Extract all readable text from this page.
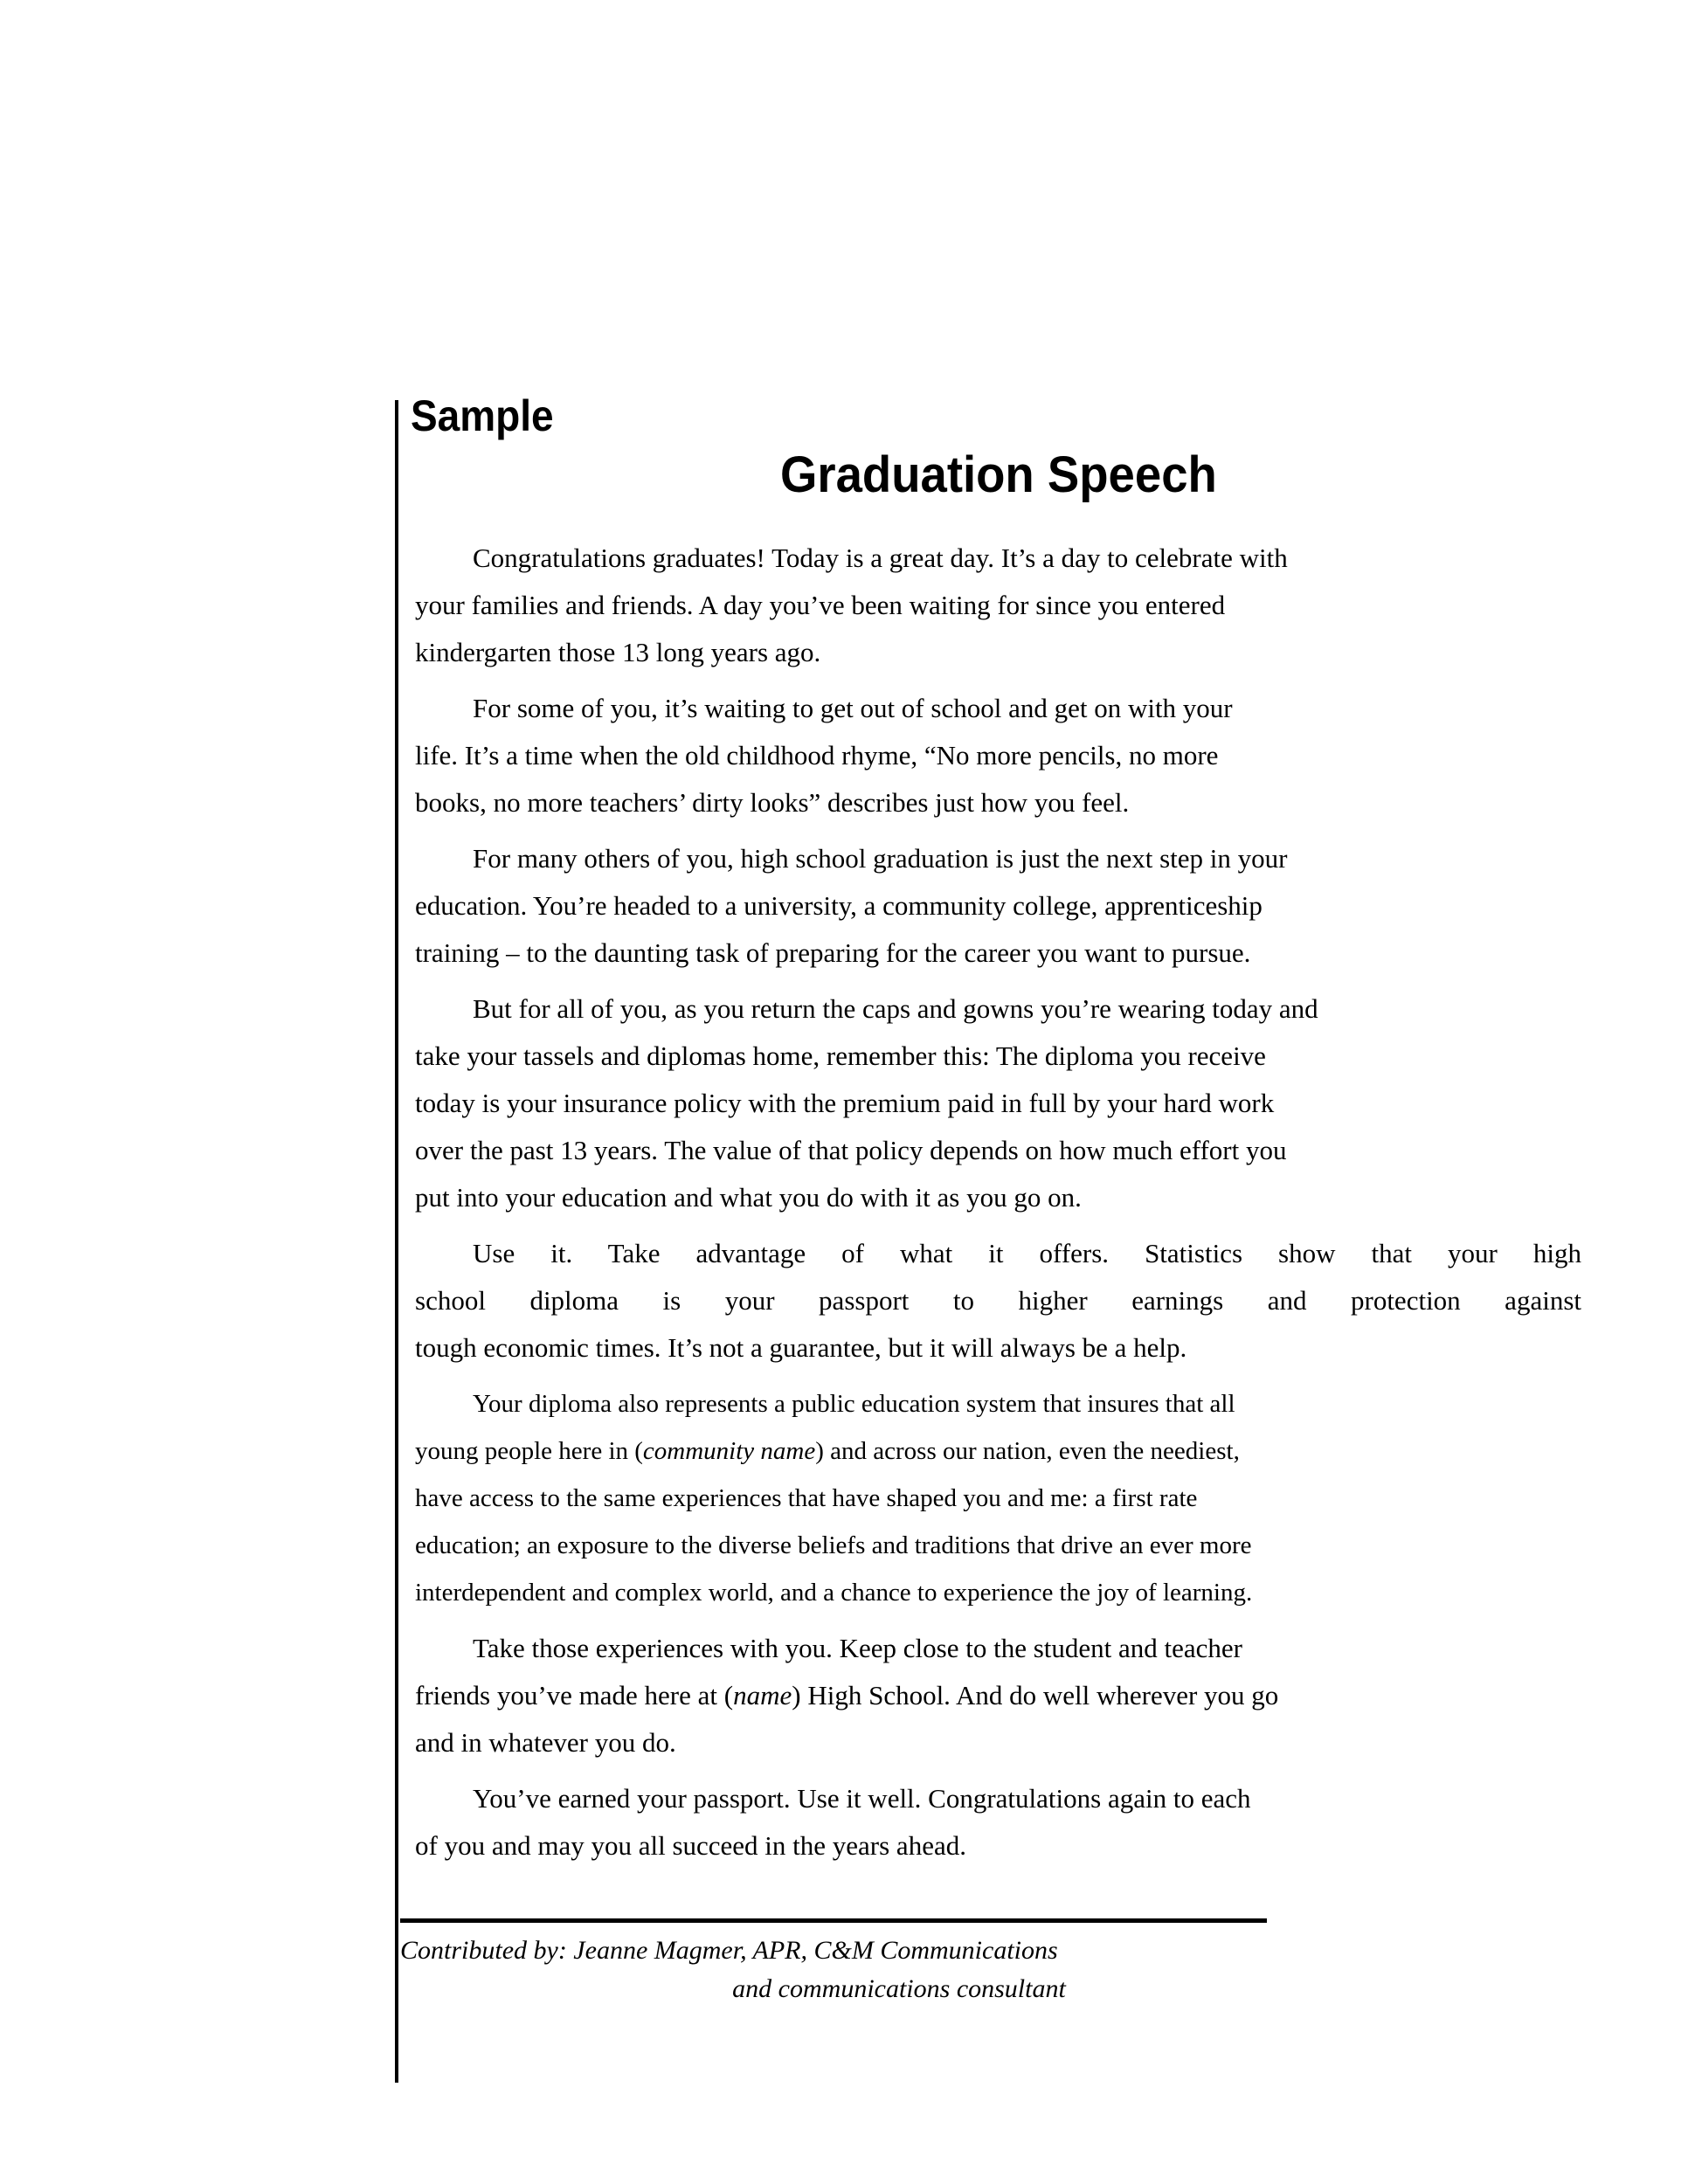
Sample
Graduation Speech
Congratulations graduates! Today is a great day. It’s a day to celebrate with
your families and friends. A day you’ve been waiting for since you entered
kindergarten those 13 long years ago.
For some of you, it’s waiting to get out of school and get on with your
life. It’s a time when the old childhood rhyme, “No more pencils, no more
books, no more teachers’ dirty looks” describes just how you feel.
For many others of you, high school graduation is just the next step in your
education. You’re headed to a university, a community college, apprenticeship
training – to the daunting task of preparing for the career you want to pursue.
But for all of you, as you return the caps and gowns you’re wearing today and
take your tassels and diplomas home, remember this: The diploma you receive
today is your insurance policy with the premium paid in full by your hard work
over the past 13 years. The value of that policy depends on how much effort you
put into your education and what you do with it as you go on.
Use it. Take advantage of what it offers. Statistics show that your high
school diploma is your passport to higher earnings and protection against
tough economic times. It’s not a guarantee, but it will always be a help.
Your diploma also represents a public education system that insures that all
young people here in (community name) and across our nation, even the neediest,
have access to the same experiences that have shaped you and me: a first rate
education; an exposure to the diverse beliefs and traditions that drive an ever more
interdependent and complex world, and a chance to experience the joy of learning.
Take those experiences with you. Keep close to the student and teacher
friends you’ve made here at (name) High School. And do well wherever you go
and in whatever you do.
You’ve earned your passport. Use it well. Congratulations again to each
of you and may you all succeed in the years ahead.
Contributed by: Jeanne Magmer, APR, C&M Communications
and communications consultant
